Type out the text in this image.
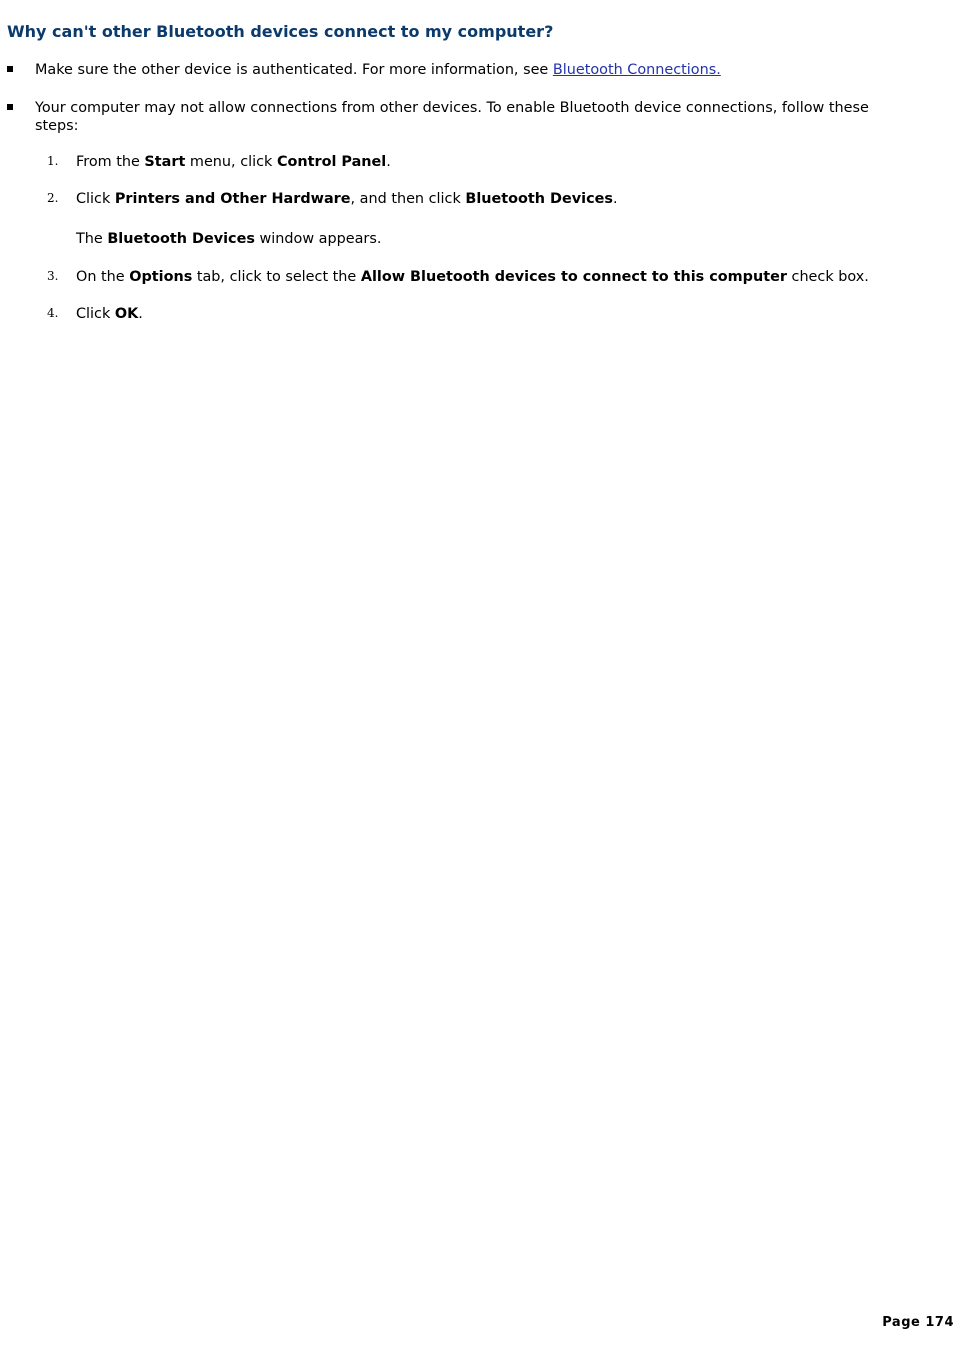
Why can't other Bluetooth devices connect to my computer?
Make sure the other device is authenticated. For more information, see Bluetooth Connections.
Your computer may not allow connections from other devices. To enable Bluetooth device connections, follow these
steps:
1. From the Start menu, click Control Panel.
2. Click Printers and Other Hardware, and then click Bluetooth Devices.
The Bluetooth Devices window appears.
3. On the Options tab, click to select the Allow Bluetooth devices to connect to this computer check box.
4. Click OK.
Page 174
